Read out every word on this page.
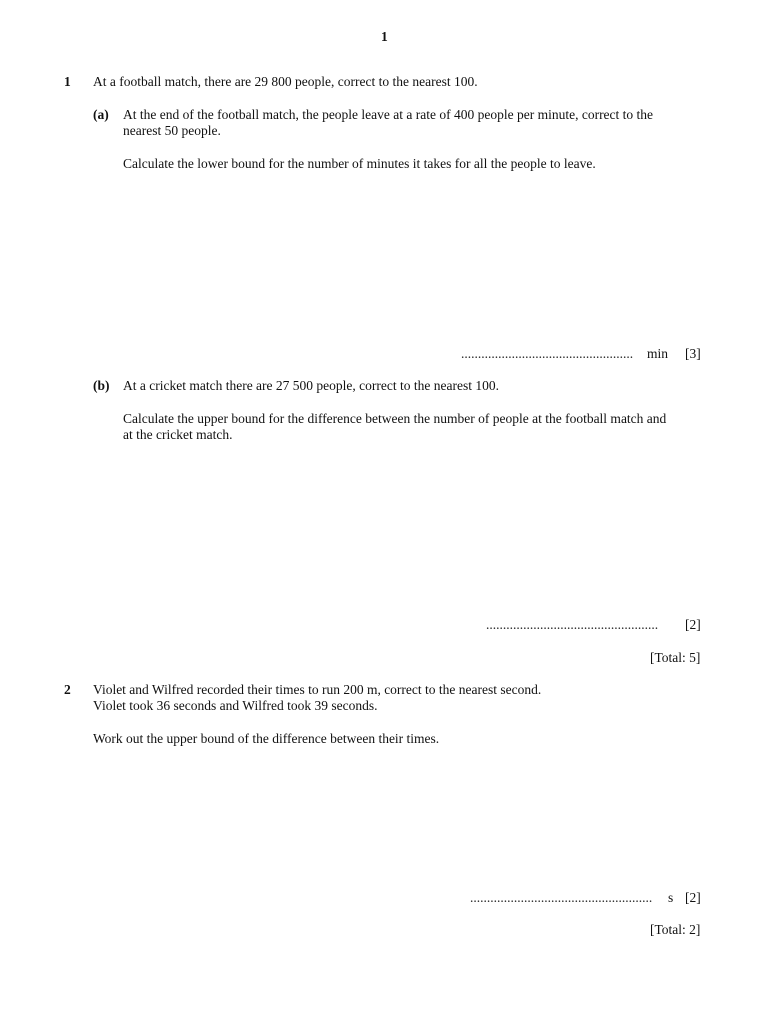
1
1 At a football match, there are 29 800 people, correct to the nearest 100.
(a) At the end of the football match, the people leave at a rate of 400 people per minute, correct to the
nearest 50 people.
Calculate the lower bound for the number of minutes it takes for all the people to leave.
................................................... min [3]
(b) At a cricket match there are 27 500 people, correct to the nearest 100.
Calculate the upper bound for the difference between the number of people at the football match and
at the cricket match.
................................................... [2]
[Total: 5]
2 Violet and Wilfred recorded their times to run 200 m, correct to the nearest second.
Violet took 36 seconds and Wilfred took 39 seconds.
Work out the upper bound of the difference between their times.
...................................................... s [2]
[Total: 2]
